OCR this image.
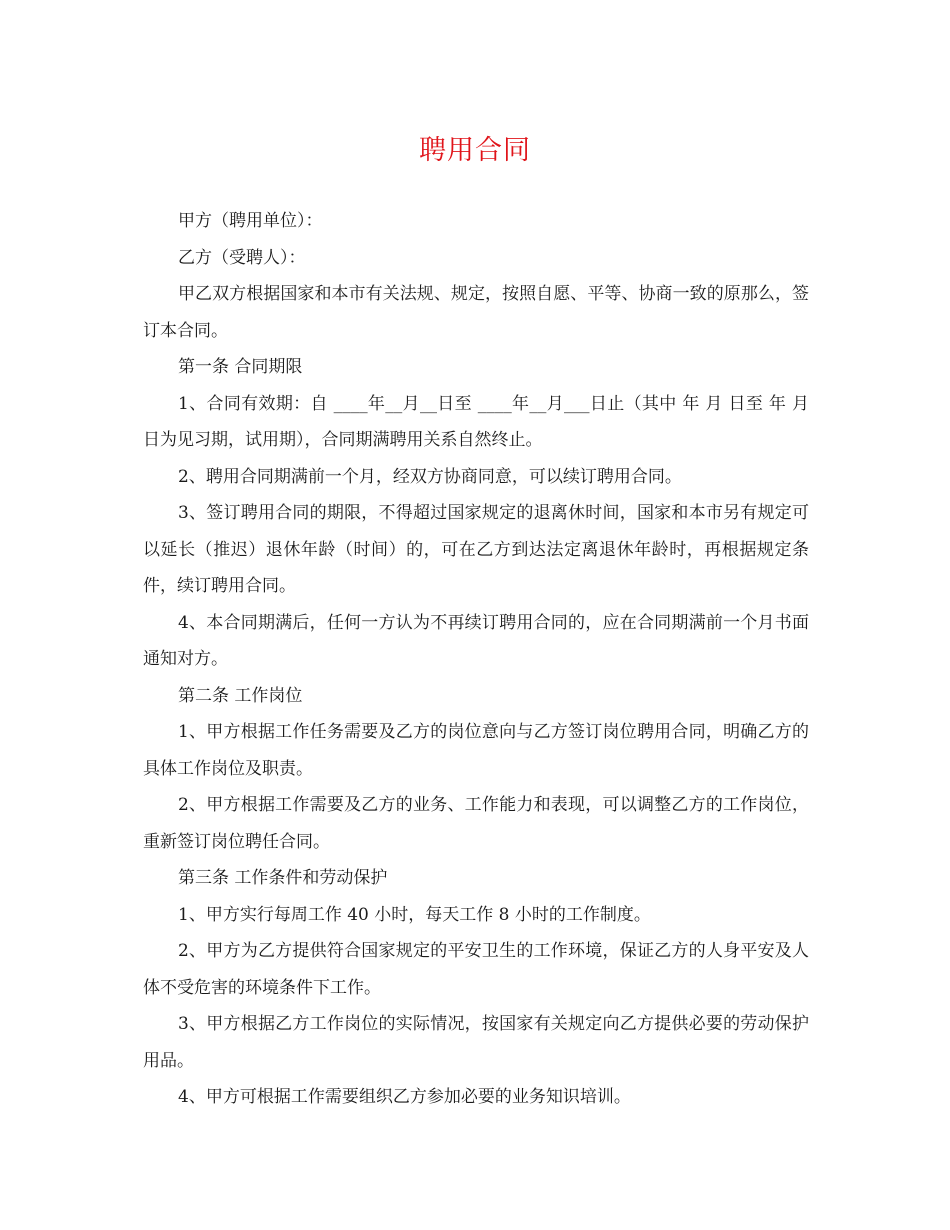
聘用合同

甲方（聘用单位）：

乙方（受聘人）：

甲乙双方根据国家和本市有关法规、规定，按照自愿、平等、协商一致的原那么，签订本合同。

第一条 合同期限

1、合同有效期：自 ____年__月__日至 ____年__月___日止（其中 年 月 日至 年 月 日为见习期，试用期），合同期满聘用关系自然终止。

2、聘用合同期满前一个月，经双方协商同意，可以续订聘用合同。

3、签订聘用合同的期限，不得超过国家规定的退离休时间，国家和本市另有规定可以延长（推迟）退休年龄（时间）的，可在乙方到达法定离退休年龄时，再根据规定条件，续订聘用合同。

4、本合同期满后，任何一方认为不再续订聘用合同的，应在合同期满前一个月书面通知对方。

第二条 工作岗位

1、甲方根据工作任务需要及乙方的岗位意向与乙方签订岗位聘用合同，明确乙方的具体工作岗位及职责。

2、甲方根据工作需要及乙方的业务、工作能力和表现，可以调整乙方的工作岗位，重新签订岗位聘任合同。

第三条 工作条件和劳动保护

1、甲方实行每周工作 40 小时，每天工作 8 小时的工作制度。

2、甲方为乙方提供符合国家规定的平安卫生的工作环境，保证乙方的人身平安及人体不受危害的环境条件下工作。

3、甲方根据乙方工作岗位的实际情况，按国家有关规定向乙方提供必要的劳动保护用品。

4、甲方可根据工作需要组织乙方参加必要的业务知识培训。
